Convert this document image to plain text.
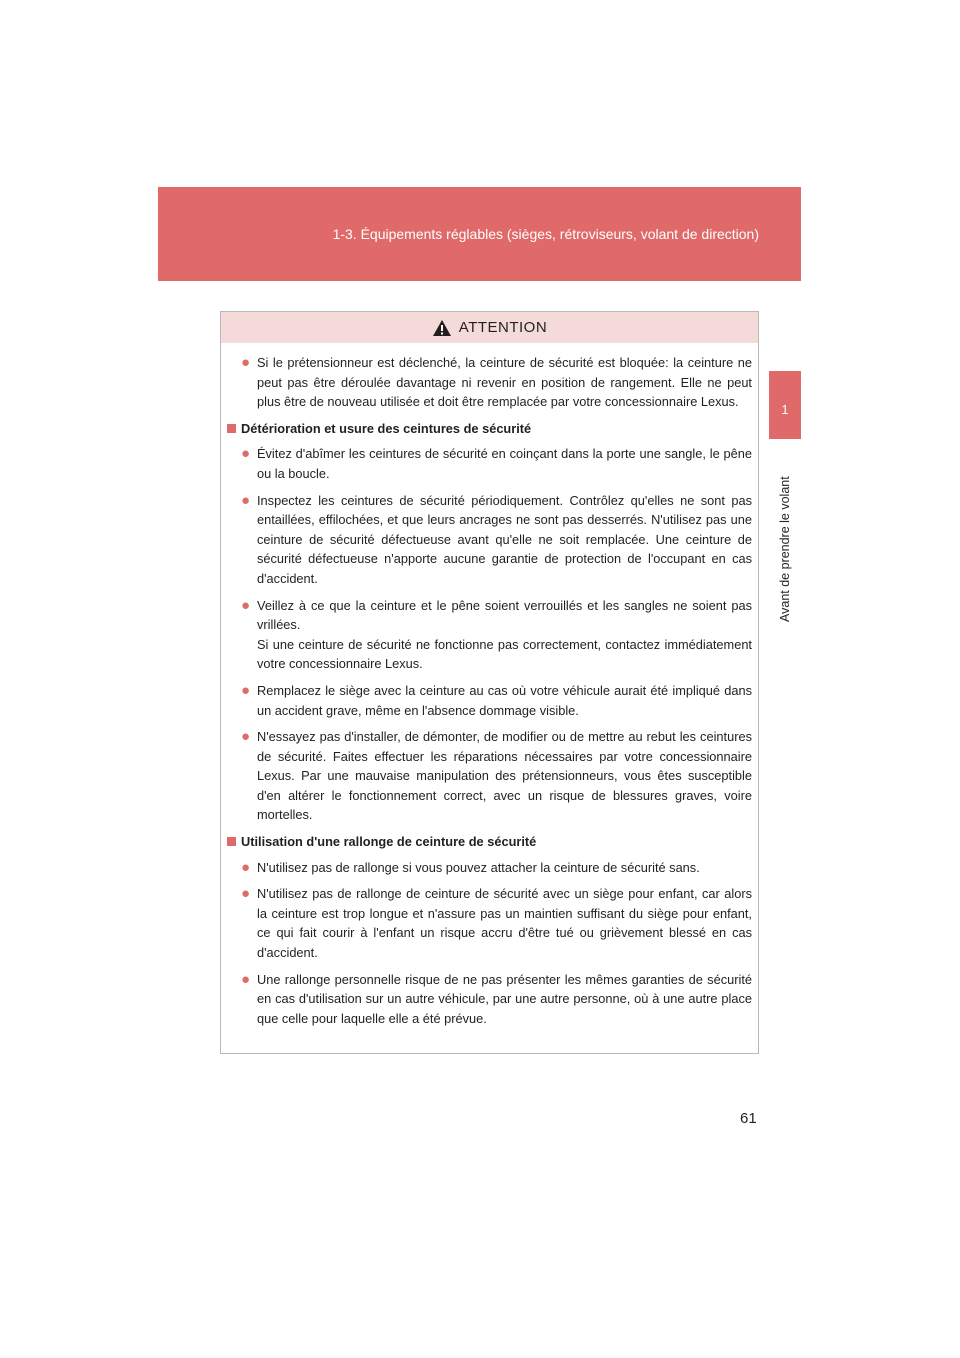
1-3. Équipements réglables (sièges, rétroviseurs, volant de direction)
1
Avant de prendre le volant
ATTENTION
● Si le prétensionneur est déclenché, la ceinture de sécurité est bloquée: la ceinture ne peut pas être déroulée davantage ni revenir en position de rangement. Elle ne peut plus être de nouveau utilisée et doit être remplacée par votre concessionnaire Lexus.
Détérioration et usure des ceintures de sécurité
● Évitez d'abîmer les ceintures de sécurité en coinçant dans la porte une sangle, le pêne ou la boucle.
● Inspectez les ceintures de sécurité périodiquement. Contrôlez qu'elles ne sont pas entaillées, effilochées, et que leurs ancrages ne sont pas desserrés. N'utilisez pas une ceinture de sécurité défectueuse avant qu'elle ne soit remplacée. Une ceinture de sécurité défectueuse n'apporte aucune garantie de protection de l'occupant en cas d'accident.
● Veillez à ce que la ceinture et le pêne soient verrouillés et les sangles ne soient pas vrillées.
Si une ceinture de sécurité ne fonctionne pas correctement, contactez immédiatement votre concessionnaire Lexus.
● Remplacez le siège avec la ceinture au cas où votre véhicule aurait été impliqué dans un accident grave, même en l'absence dommage visible.
● N'essayez pas d'installer, de démonter, de modifier ou de mettre au rebut les ceintures de sécurité. Faites effectuer les réparations nécessaires par votre concessionnaire Lexus. Par une mauvaise manipulation des prétensionneurs, vous êtes susceptible d'en altérer le fonctionnement correct, avec un risque de blessures graves, voire mortelles.
Utilisation d'une rallonge de ceinture de sécurité
● N'utilisez pas de rallonge si vous pouvez attacher la ceinture de sécurité sans.
● N'utilisez pas de rallonge de ceinture de sécurité avec un siège pour enfant, car alors la ceinture est trop longue et n'assure pas un maintien suffisant du siège pour enfant, ce qui fait courir à l'enfant un risque accru d'être tué ou grièvement blessé en cas d'accident.
● Une rallonge personnelle risque de ne pas présenter les mêmes garanties de sécurité en cas d'utilisation sur un autre véhicule, par une autre personne, où à une autre place que celle pour laquelle elle a été prévue.
61
